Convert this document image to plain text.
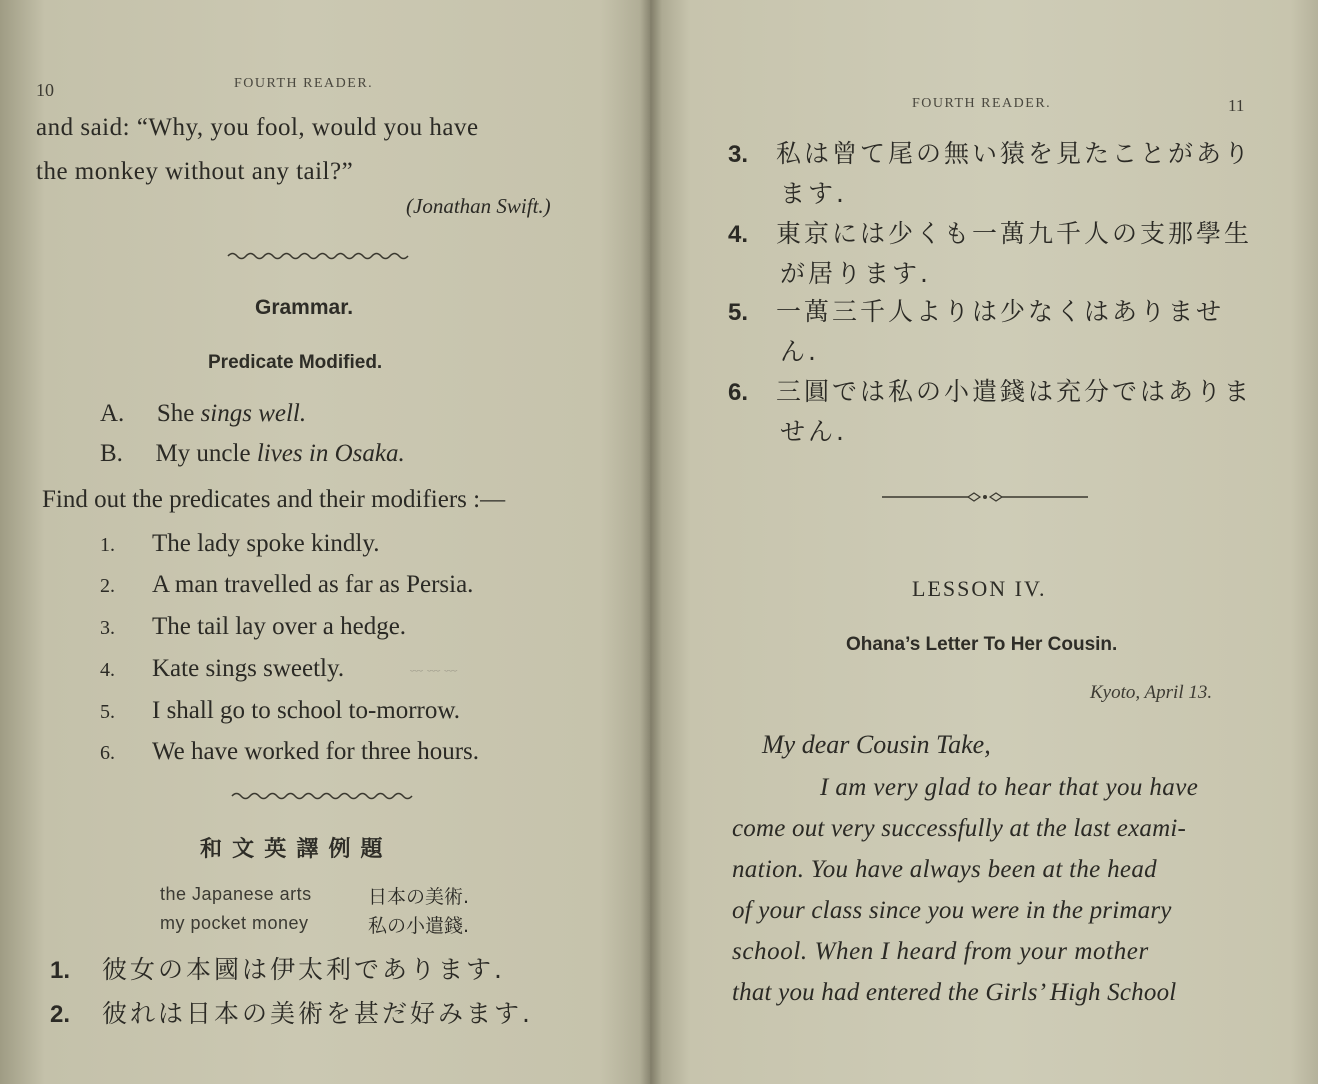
10	FOURTH READER.
and said: “Why, you fool, would you have
the monkey without any tail?”
(Jonathan Swift.)
Grammar.
Predicate Modified.
A. She sings well.
B. My uncle lives in Osaka.
Find out the predicates and their modifiers :—
1. The lady spoke kindly.
2. A man travelled as far as Persia.
3. The tail lay over a hedge.
4. Kate sings sweetly.
5. I shall go to school to-morrow.
6. We have worked for three hours.
﹏ ﹏ ﹏
和 文 英 譯 例 題
the Japanese arts	日本の美術.
my pocket money	私の小遣錢.
1. 彼女の本國は伊太利であります.
2. 彼れは日本の美術を甚だ好みます.
FOURTH READER.	11
3. 私は曾て尾の無い猿を見たことがあり
ます.
4. 東京には少くも一萬九千人の支那學生
が居ります.
5. 一萬三千人よりは少なくはありませ
ん.
6. 三圓では私の小遣錢は充分ではありま
せん.
LESSON IV.
Ohana’s Letter To Her Cousin.
Kyoto, April 13.
My dear Cousin Take,
I am very glad to hear that you have
come out very successfully at the last exami-
nation. You have always been at the head
of your class since you were in the primary
school. When I heard from your mother
that you had entered the Girls’ High School
